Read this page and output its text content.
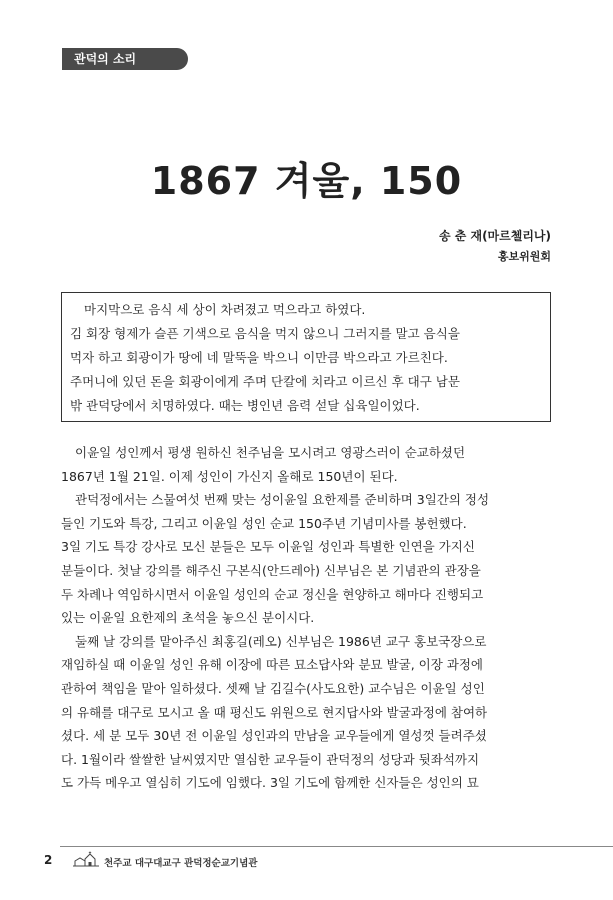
관덕의 소리
1867 겨울, 150
송 춘 재(마르첼리나)
홍보위원회
마지막으로 음식 세 상이 차려졌고 먹으라고 하였다.
김 회장 형제가 슬픈 기색으로 음식을 먹지 않으니 그러지를 말고 음식을
먹자 하고 회광이가 땅에 네 말뚝을 박으니 이만큼 박으라고 가르친다.
주머니에 있던 돈을 회광이에게 주며 단칼에 치라고 이르신 후 대구 남문
밖 관덕당에서 치명하였다. 때는 병인년 음력 섣달 십육일이었다.
이윤일 성인께서 평생 원하신 천주님을 모시려고 영광스러이 순교하셨던
1867년 1월 21일. 이제 성인이 가신지 올해로 150년이 된다.
관덕정에서는 스물여섯 번째 맞는 성이윤일 요한제를 준비하며 3일간의 정성
들인 기도와 특강, 그리고 이윤일 성인 순교 150주년 기념미사를 봉헌했다.
3일 기도 특강 강사로 모신 분들은 모두 이윤일 성인과 특별한 인연을 가지신
분들이다. 첫날 강의를 해주신 구본식(안드레아) 신부님은 본 기념관의 관장을
두 차례나 역임하시면서 이윤일 성인의 순교 정신을 현양하고 해마다 진행되고
있는 이윤일 요한제의 초석을 놓으신 분이시다.
둘째 날 강의를 맡아주신 최홍길(레오) 신부님은 1986년 교구 홍보국장으로
재임하실 때 이윤일 성인 유해 이장에 따른 묘소답사와 분묘 발굴, 이장 과정에
관하여 책임을 맡아 일하셨다. 셋째 날 김길수(사도요한) 교수님은 이윤일 성인
의 유해를 대구로 모시고 올 때 평신도 위원으로 현지답사와 발굴과정에 참여하
셨다. 세 분 모두 30년 전 이윤일 성인과의 만남을 교우들에게 열성껏 들려주셨
다. 1월이라 쌀쌀한 날씨였지만 열심한 교우들이 관덕정의 성당과 뒷좌석까지
도 가득 메우고 열심히 기도에 임했다. 3일 기도에 함께한 신자들은 성인의 묘
2	천주교 대구대교구 관덕정순교기념관
